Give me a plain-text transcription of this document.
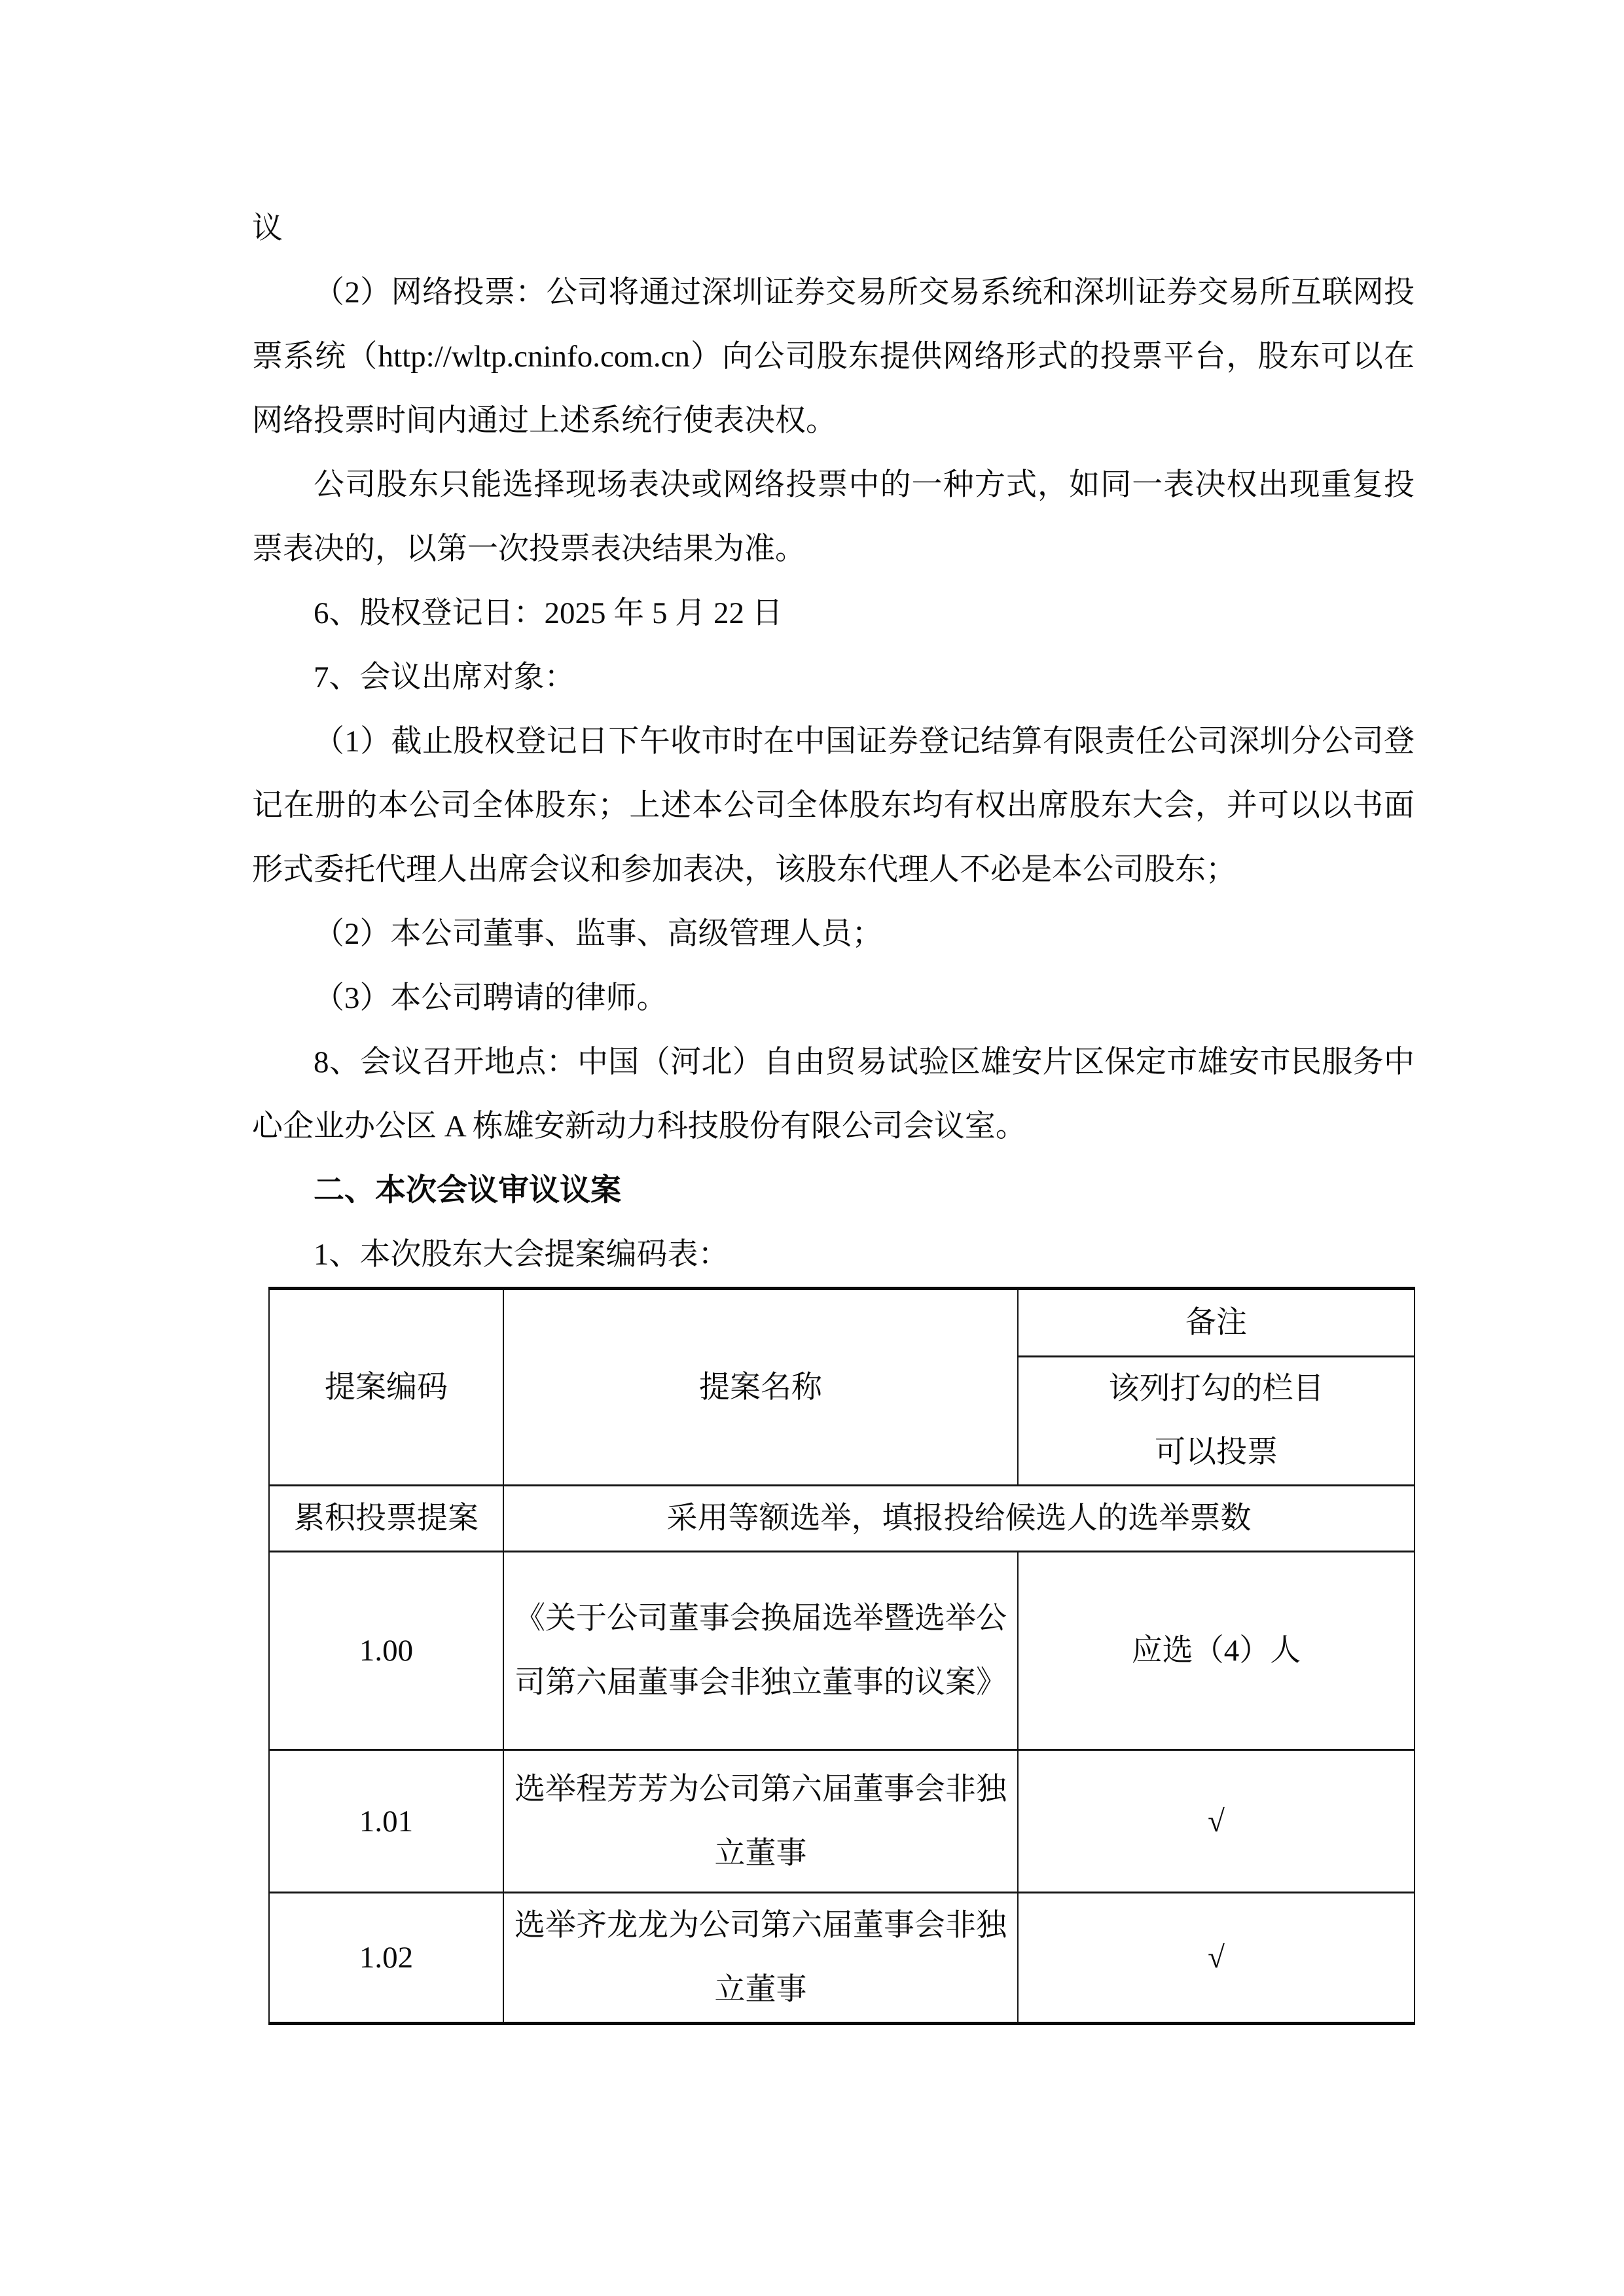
议

（2）网络投票：公司将通过深圳证券交易所交易系统和深圳证券交易所互联网投票系统（http://wltp.cninfo.com.cn）向公司股东提供网络形式的投票平台，股东可以在网络投票时间内通过上述系统行使表决权。

公司股东只能选择现场表决或网络投票中的一种方式，如同一表决权出现重复投票表决的，以第一次投票表决结果为准。

6、股权登记日：2025 年 5 月 22 日

7、会议出席对象：

（1）截止股权登记日下午收市时在中国证券登记结算有限责任公司深圳分公司登记在册的本公司全体股东；上述本公司全体股东均有权出席股东大会，并可以以书面形式委托代理人出席会议和参加表决，该股东代理人不必是本公司股东；

（2）本公司董事、监事、高级管理人员；

（3）本公司聘请的律师。

8、会议召开地点：中国（河北）自由贸易试验区雄安片区保定市雄安市民服务中心企业办公区 A 栋雄安新动力科技股份有限公司会议室。

二、本次会议审议议案

1、本次股东大会提案编码表：

提案编码	提案名称	备注

		该列打勾的栏目
可以投票

累积投票提案	采用等额选举，填报投给候选人的选举票数	
1.00	《关于公司董事会换届选举暨选举公司第六届董事会非独立董事的议案》	应选（4）人
1.01	选举程芳芳为公司第六届董事会非独立董事	√
1.02	选举齐龙龙为公司第六届董事会非独立董事	√
